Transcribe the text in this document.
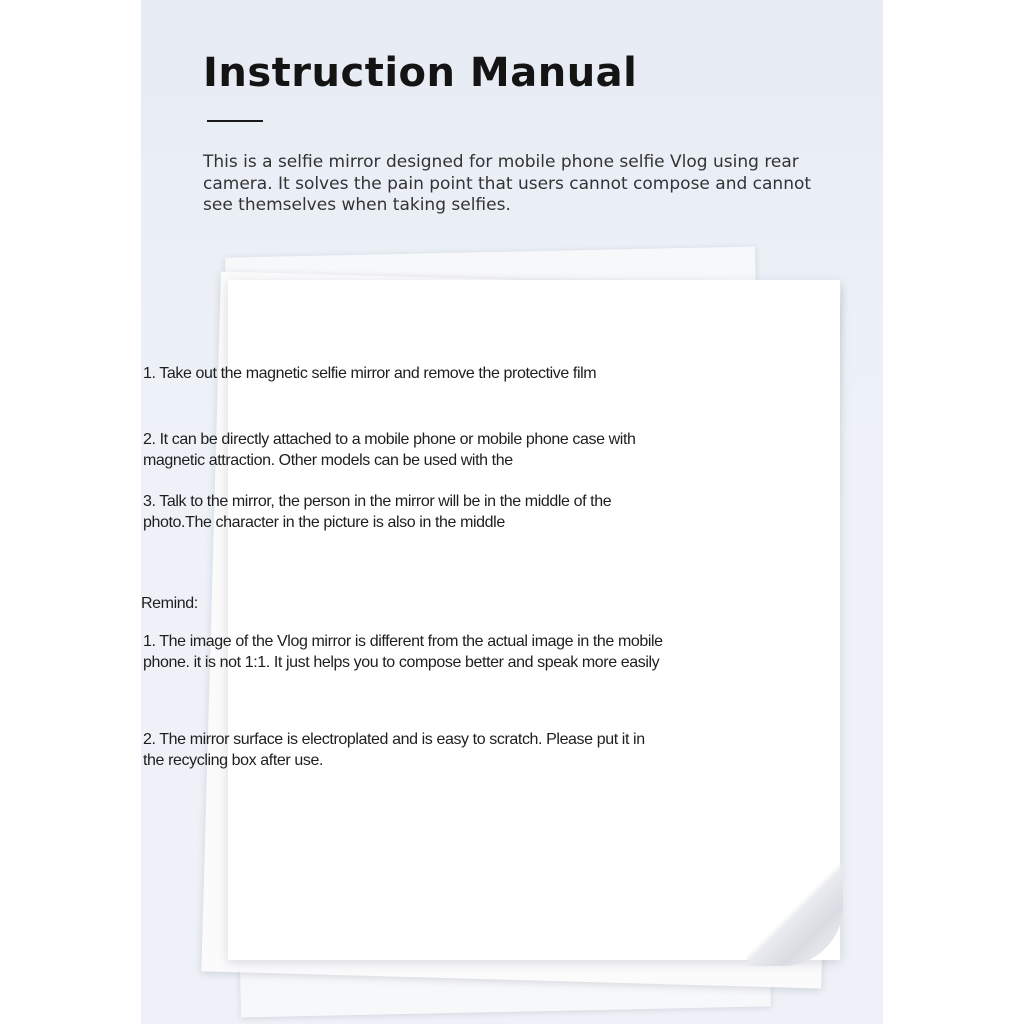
Instruction Manual

This is a selfie mirror designed for mobile phone selfie Vlog using rear camera. It solves the pain point that users cannot compose and cannot see themselves when taking selfies.

1. Take out the magnetic selfie mirror and remove the protective film

2. It can be directly attached to a mobile phone or mobile phone case with magnetic attraction. Other models can be used with the

3. Talk to the mirror, the person in the mirror will be in the middle of the photo.The character in the picture is also in the middle

Remind:

1. The image of the Vlog mirror is different from the actual image in the mobile phone. it is not 1:1. It just helps you to compose better and speak more easily

2. The mirror surface is electroplated and is easy to scratch. Please put it in the recycling box after use.
